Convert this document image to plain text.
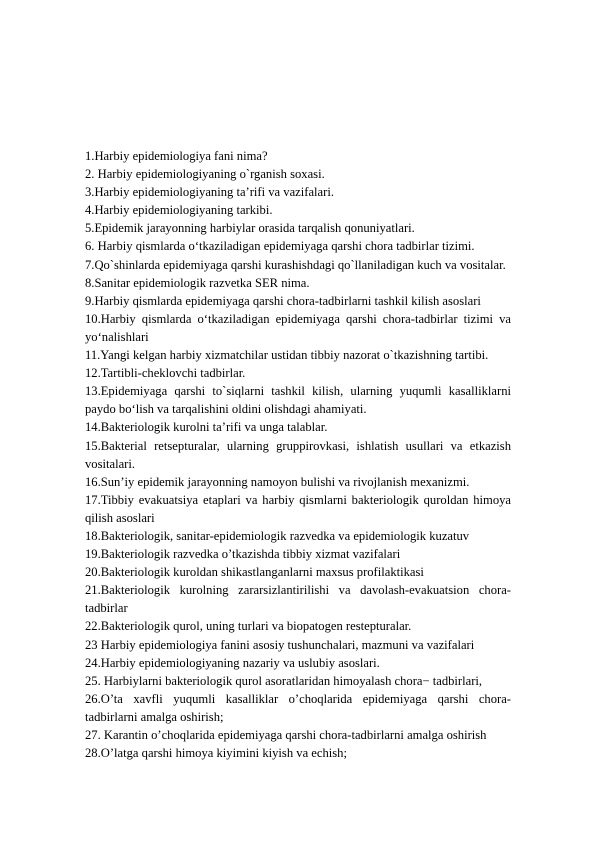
1.Harbiy epidemiologiya fani nima?
2. Harbiy epidemiologiyaning o`rganish soxasi.
3.Harbiy epidemiologiyaning ta’rifi va vazifalari.
4.Harbiy epidemiologiyaning tarkibi.
5.Epidemik jarayonning harbiylar orasida tarqalish qonuniyatlari.
6. Harbiy qismlarda o‘tkaziladigan epidemiyaga qarshi chora tadbirlar tizimi.
7.Qo`shinlarda epidemiyaga qarshi kurashishdagi qo`llaniladigan kuch va vositalar.
8.Sanitar epidemiologik razvetka SER nima.
9.Harbiy qismlarda epidemiyaga qarshi chora-tadbirlarni tashkil kilish asoslari
10.Harbiy qismlarda o‘tkaziladigan epidemiyaga qarshi chora-tadbirlar tizimi va yo‘nalishlari
11.Yangi kelgan harbiy xizmatchilar ustidan tibbiy nazorat o`tkazishning tartibi.
12.Tartibli-cheklovchi tadbirlar.
13.Epidemiyaga qarshi to`siqlarni tashkil kilish, ularning yuqumli kasalliklarni paydo bo‘lish va tarqalishini oldini olishdagi ahamiyati.
14.Bakteriologik kurolni ta’rifi va unga talablar.
15.Bakterial retsepturalar, ularning gruppirovkasi, ishlatish usullari va etkazish vositalari.
16.Sun’iy epidemik jarayonning namoyon bulishi va rivojlanish mexanizmi.
17.Tibbiy evakuatsiya etaplari va harbiy qismlarni bakteriologik quroldan himoya qilish asoslari
18.Bakteriologik, sanitar-epidemiologik razvedka va epidemiologik kuzatuv
19.Bakteriologik razvedka o’tkazishda tibbiy xizmat vazifalari
20.Bakteriologik kuroldan shikastlanganlarni maxsus profilaktikasi
21.Bakteriologik kurolning zararsizlantirilishi va davolash-evakuatsion chora-tadbirlar
22.Bakteriologik qurol, uning turlari va biopatogen restepturalar.
23 Harbiy epidemiologiya fanini asosiy tushunchalari, mazmuni va vazifalari
24.Harbiy epidemiologiyaning nazariy va uslubiy asoslari.
25. Harbiylarni bakteriologik qurol asoratlaridan himoyalash chora− tadbirlari,
26.O’ta xavfli yuqumli kasalliklar o’choqlarida epidemiyaga qarshi chora-tadbirlarni amalga oshirish;
27. Karantin o’choqlarida epidemiyaga qarshi chora-tadbirlarni amalga oshirish
28.O’latga qarshi himoya kiyimini kiyish va echish;
